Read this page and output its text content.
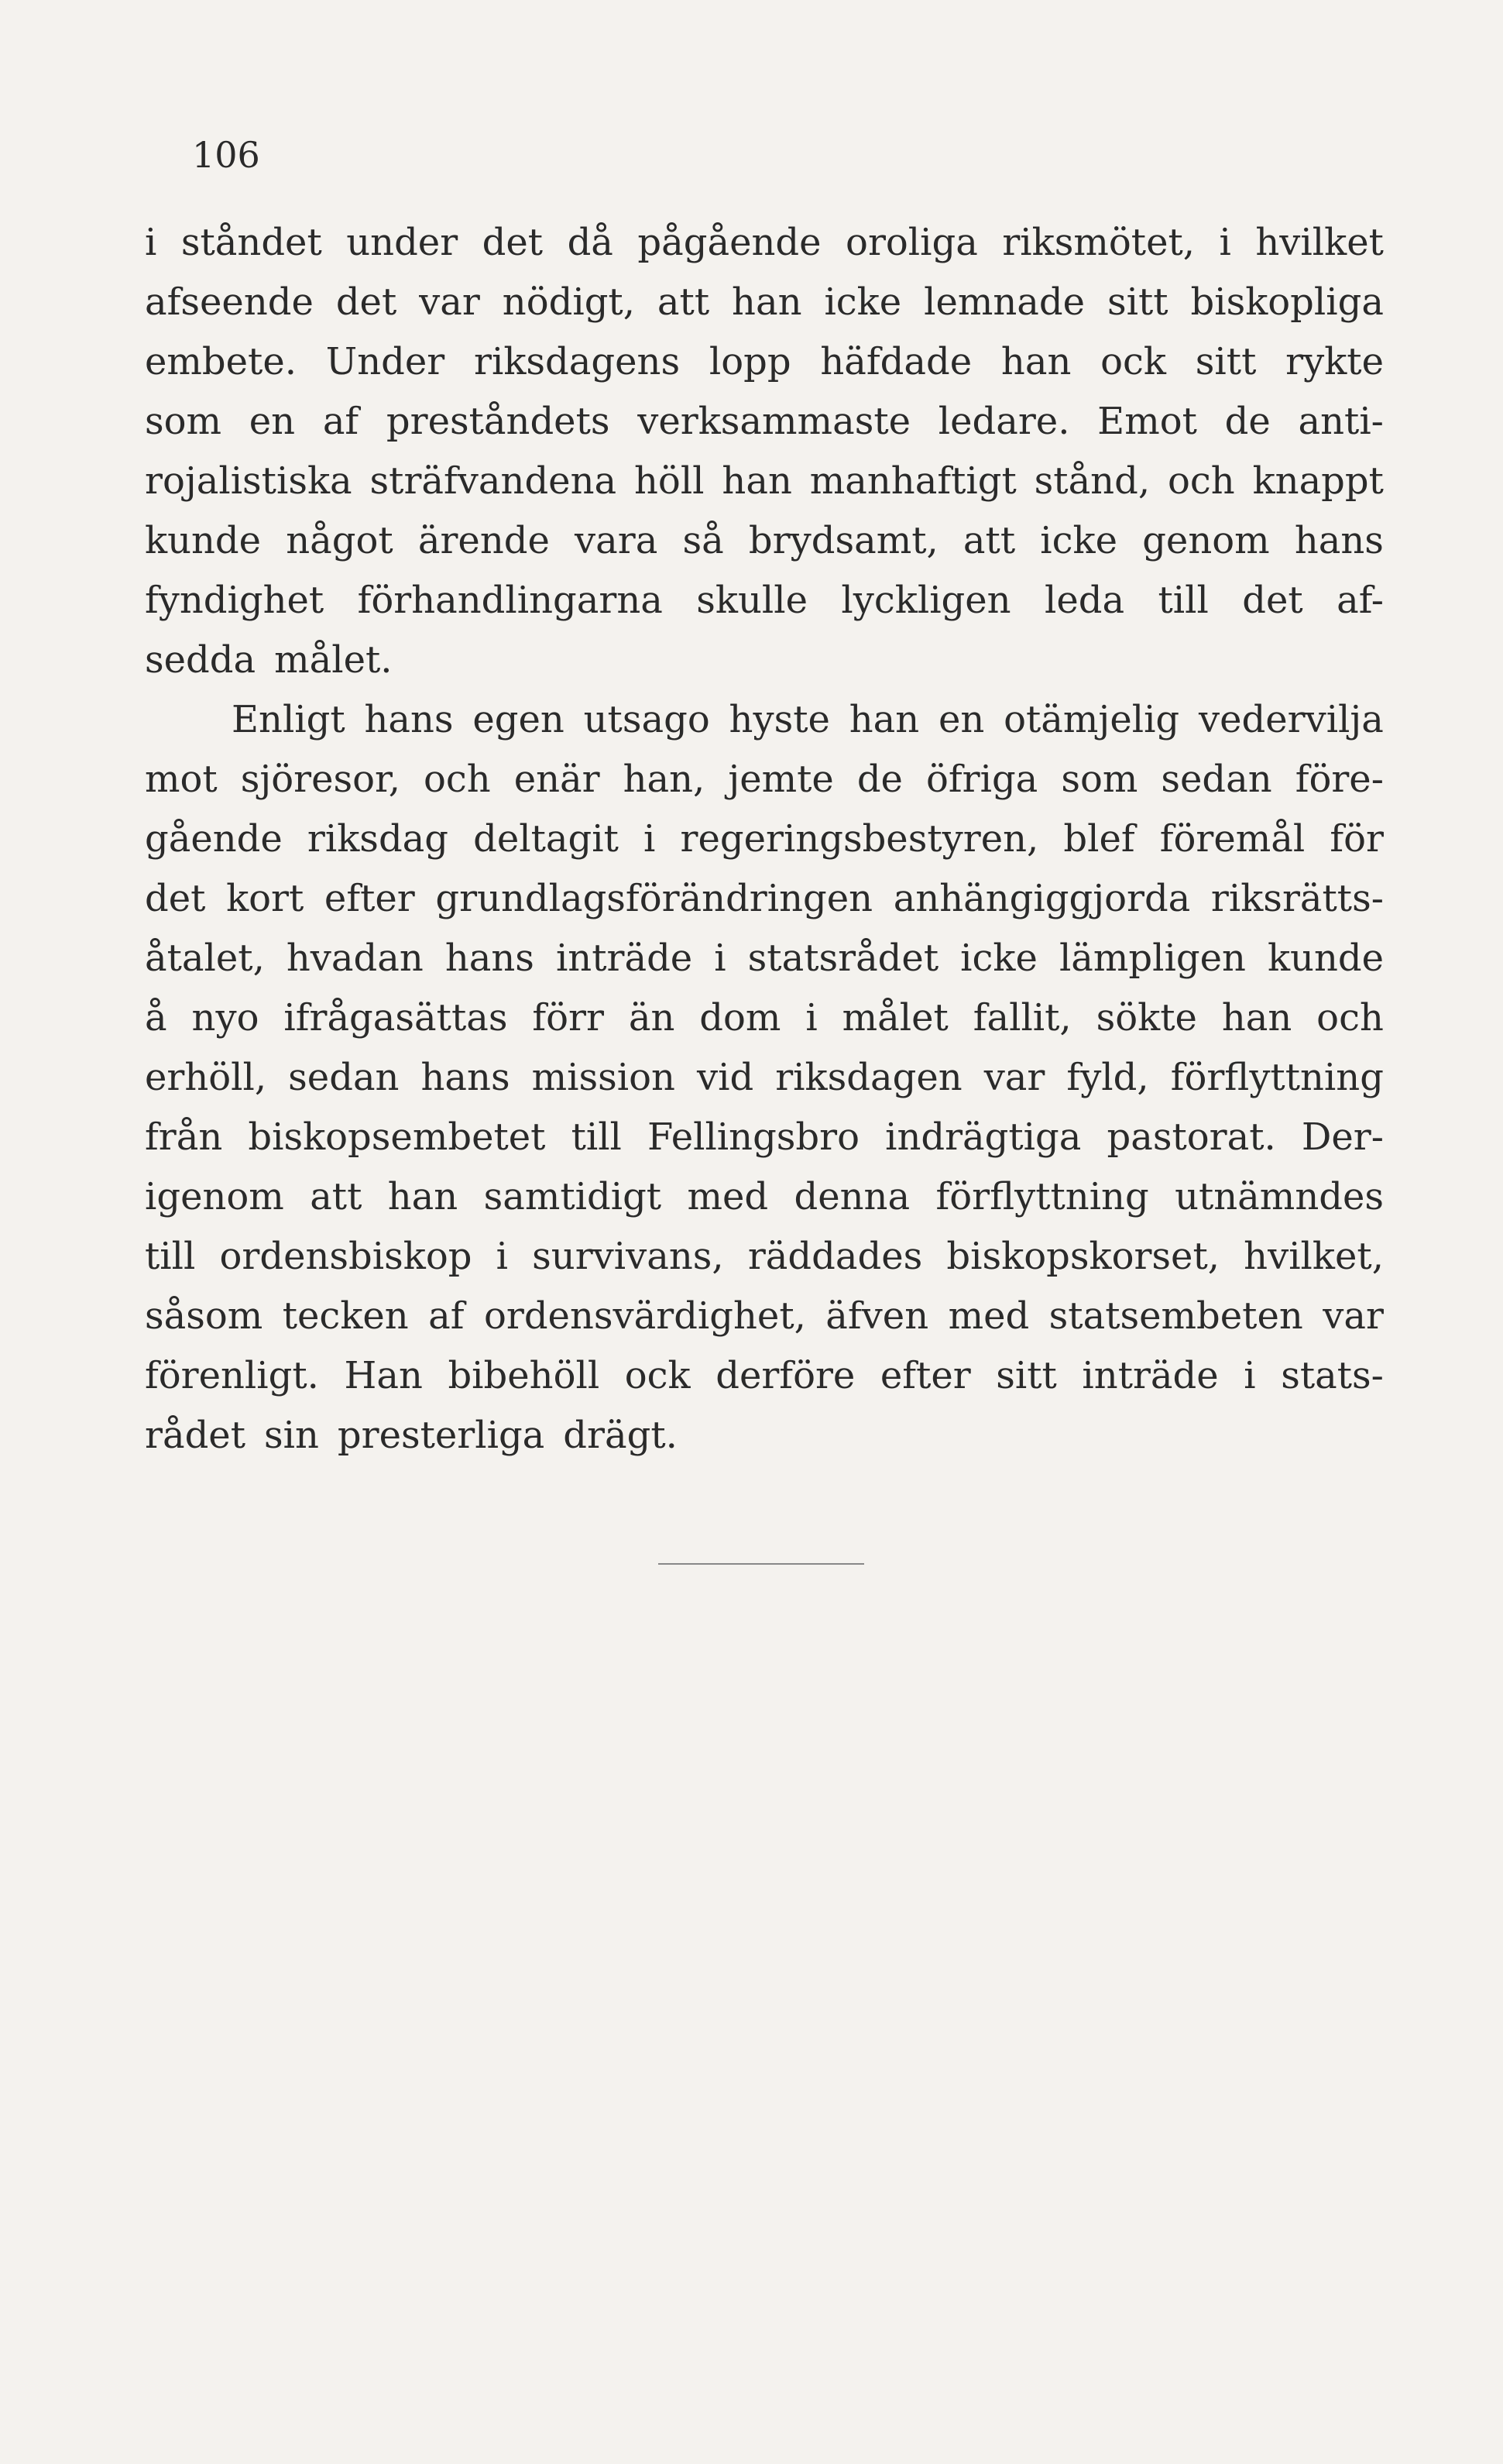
106
i ståndet under det då pågående oroliga riksmötet, i hvilket
afseende det var nödigt, att han icke lemnade sitt biskopliga
embete. Under riksdagens lopp häfdade han ock sitt rykte
som en af preståndets verksammaste ledare. Emot de anti-
rojalistiska sträfvandena höll han manhaftigt stånd, och knappt
kunde något ärende vara så brydsamt, att icke genom hans
fyndighet förhandlingarna skulle lyckligen leda till det af-
sedda målet.
Enligt hans egen utsago hyste han en otämjelig vedervilja
mot sjöresor, och enär han, jemte de öfriga som sedan före-
gående riksdag deltagit i regeringsbestyren, blef föremål för
det kort efter grundlagsförändringen anhängiggjorda riksrätts-
åtalet, hvadan hans inträde i statsrådet icke lämpligen kunde
å nyo ifrågasättas förr än dom i målet fallit, sökte han och
erhöll, sedan hans mission vid riksdagen var fyld, förflyttning
från biskopsembetet till Fellingsbro indrägtiga pastorat. Der-
igenom att han samtidigt med denna förflyttning utnämndes
till ordensbiskop i survivans, räddades biskopskorset, hvilket,
såsom tecken af ordensvärdighet, äfven med statsembeten var
förenligt. Han bibehöll ock derföre efter sitt inträde i stats-
rådet sin presterliga drägt.
